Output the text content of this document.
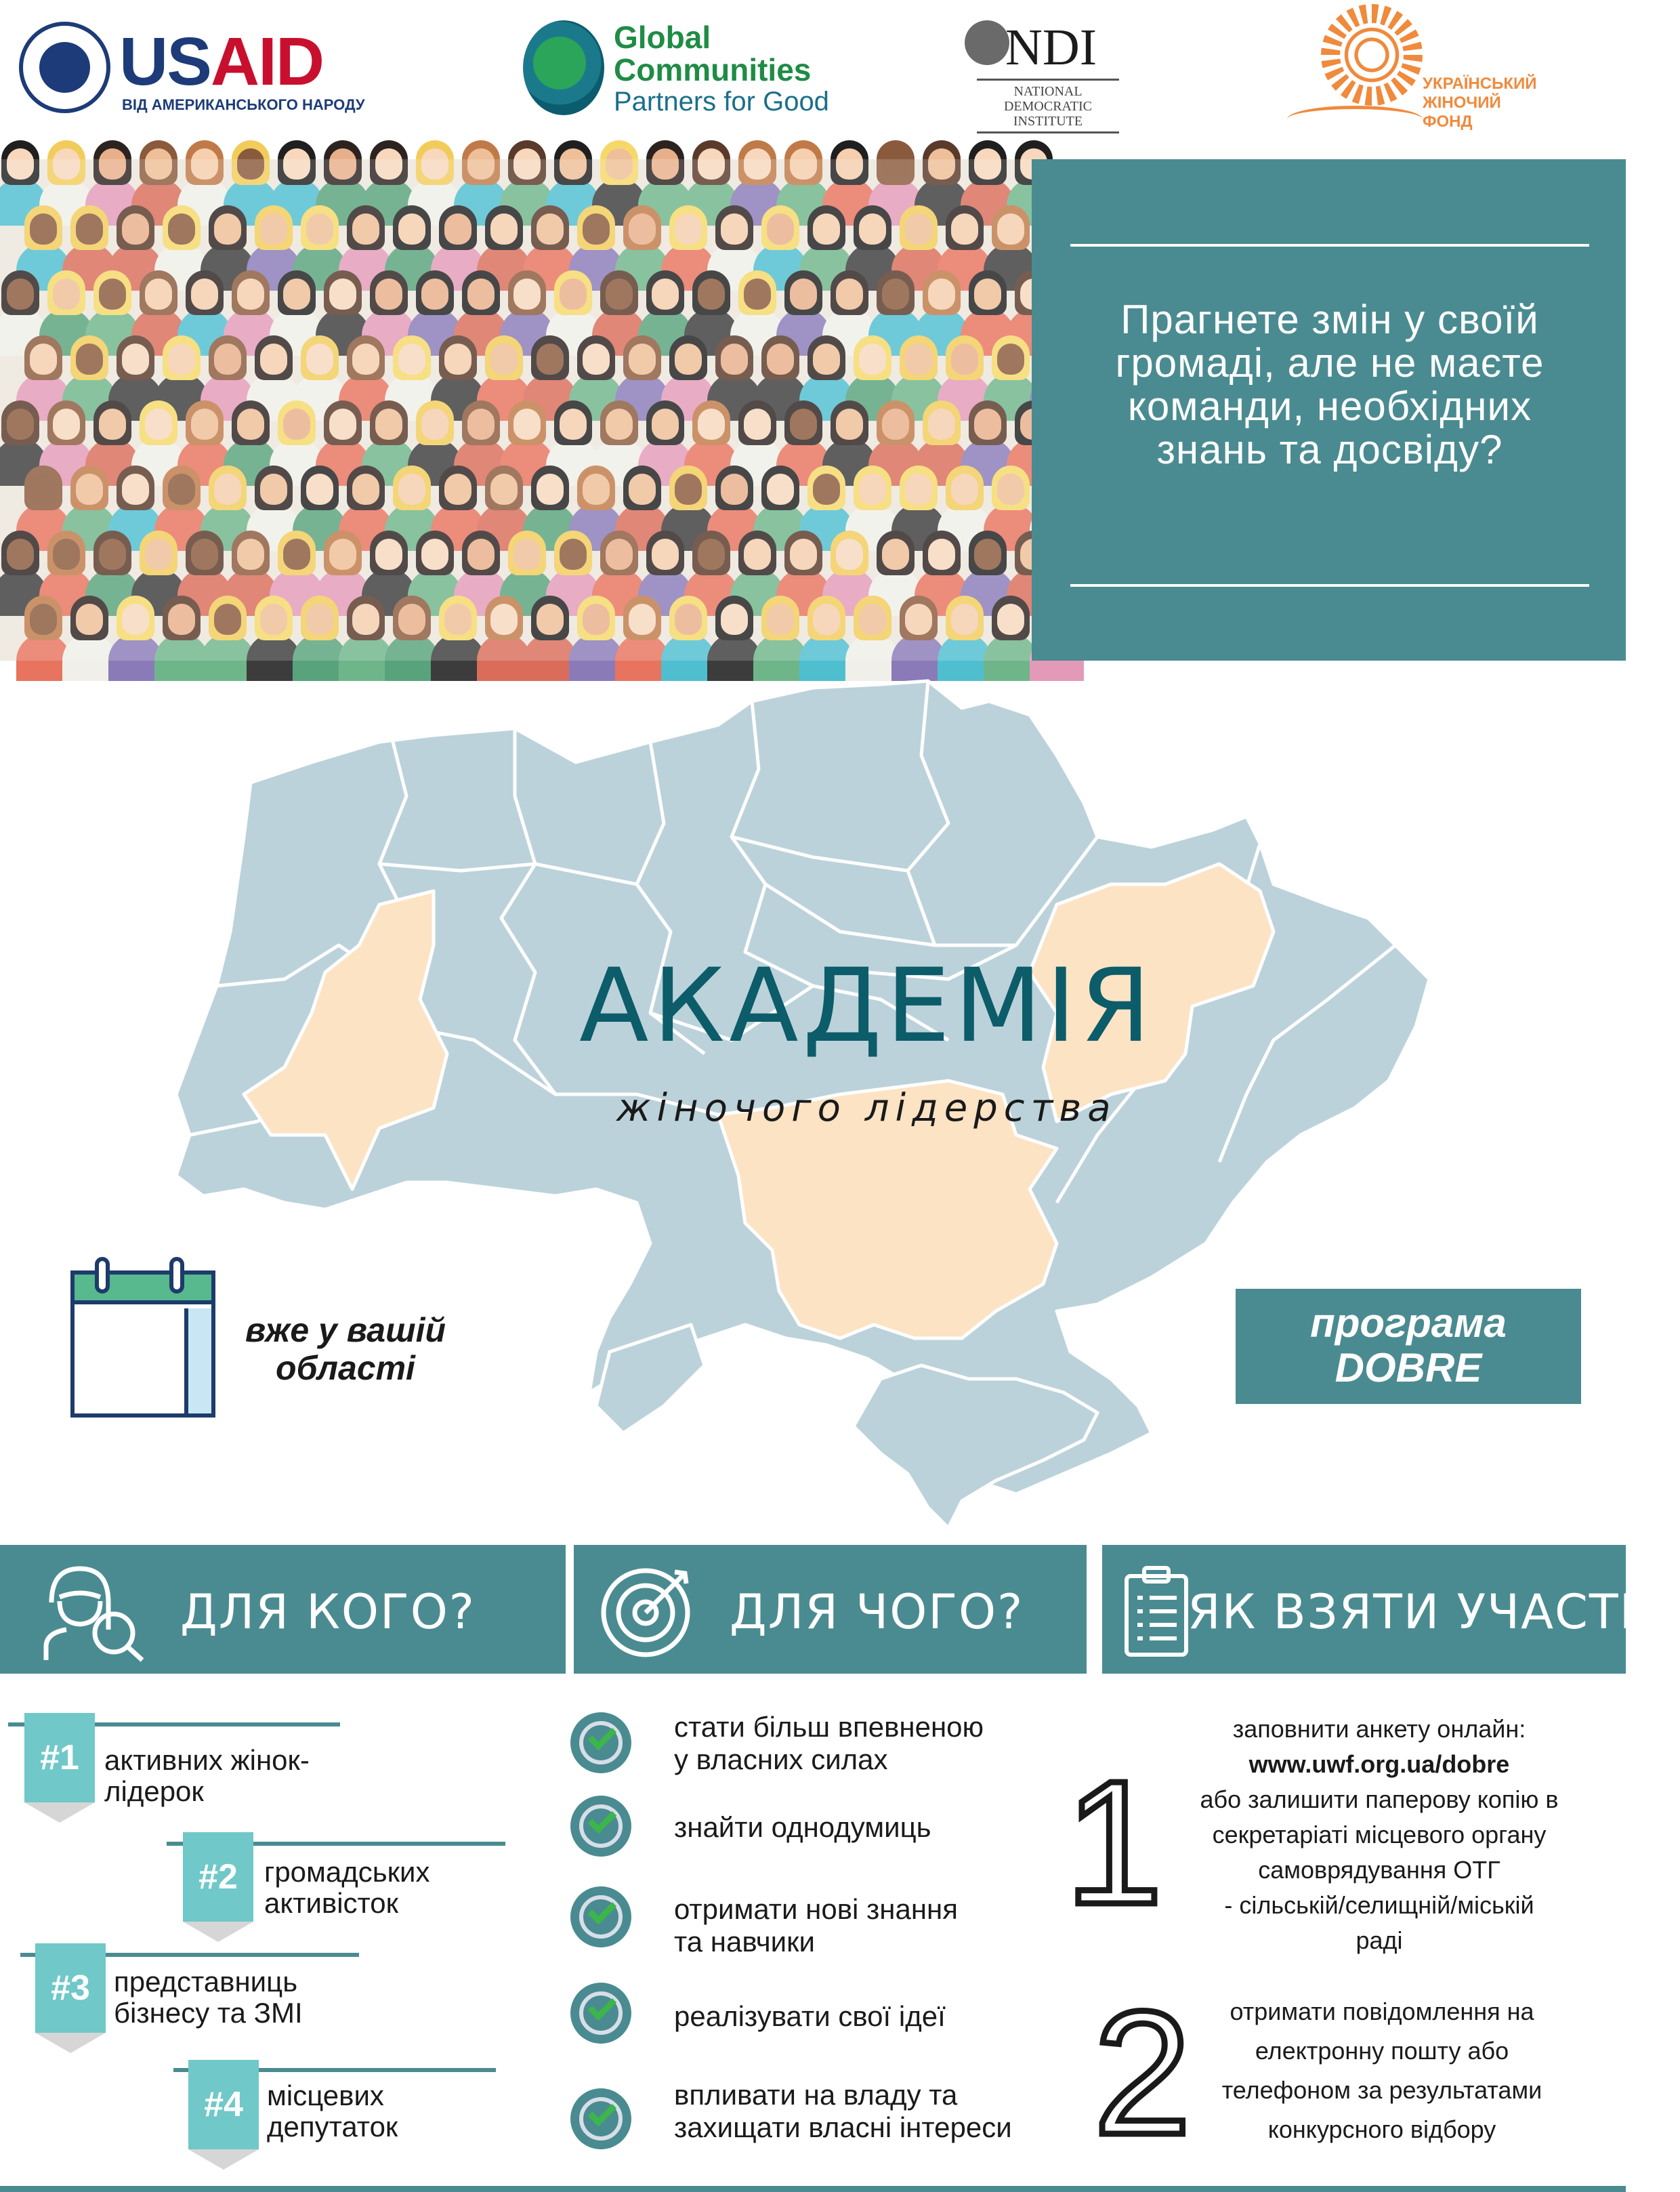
USAID
ВІД АМЕРИКАНСЬКОГО НАРОДУ
Global
Communities
Partners for Good
NDI
NATIONAL
DEMOCRATIC
INSTITUTE
УКРАЇНСЬКИЙ
ЖІНОЧИЙ
ФОНД
Прагнете змін у своїй
громаді, але не маєте
команди, необхідних
знань та досвіду?
АКАДЕМІЯ
жіночого лідерства
вже у вашій
області
програма
DOBRE
ДЛЯ КОГО?	ДЛЯ ЧОГО?	ЯК ВЗЯТИ УЧАСТЬ?
#1 активних жінок-
лідерок
#2 громадських
активісток
#3 представниць
бізнесу та ЗМІ
#4 місцевих
депутаток
стати більш впевненою
у власних силах
знайти однодумиць
отримати нові знання
та навчики
реалізувати свої ідеї
впливати на владу та
захищати власні інтереси
1
заповнити анкету онлайн:
www.uwf.org.ua/dobre
або залишити паперову копію в
секретаріаті місцевого органу
самоврядування ОТГ
- сільській/селищній/міській
раді
2	отримати повідомлення на
електронну пошту або
телефоном за результатами
конкурсного відбору
